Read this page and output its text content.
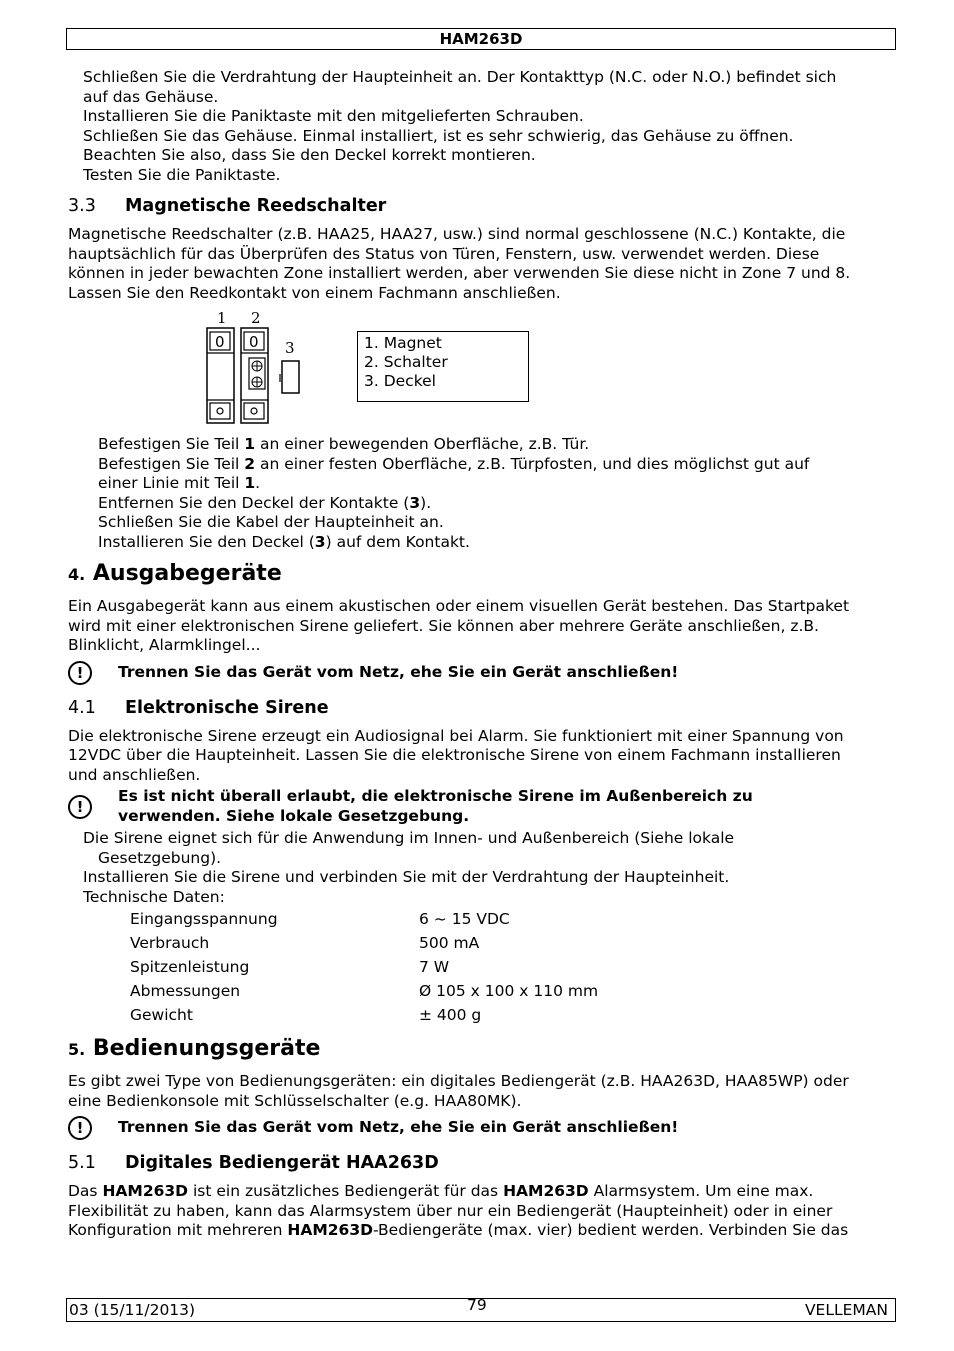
HAM263D

Schließen Sie die Verdrahtung der Haupteinheit an. Der Kontakttyp (N.C. oder N.O.) befindet sich

auf das Gehäuse.

Installieren Sie die Paniktaste mit den mitgelieferten Schrauben.

Schließen Sie das Gehäuse. Einmal installiert, ist es sehr schwierig, das Gehäuse zu öffnen.

Beachten Sie also, dass Sie den Deckel korrekt montieren.

Testen Sie die Paniktaste.

3.3 Magnetische Reedschalter

Magnetische Reedschalter (z.B. HAA25, HAA27, usw.) sind normal geschlossene (N.C.) Kontakte, die

hauptsächlich für das Überprüfen des Status von Türen, Fenstern, usw. verwendet werden. Diese

können in jeder bewachten Zone installiert werden, aber verwenden Sie diese nicht in Zone 7 und 8.

Lassen Sie den Reedkontakt von einem Fachmann anschließen.

1 2
3
0 0	1. Magnet
2. Schalter
3. Deckel

Befestigen Sie Teil 1 an einer bewegenden Oberfläche, z.B. Tür.

Befestigen Sie Teil 2 an einer festen Oberfläche, z.B. Türpfosten, und dies möglichst gut auf

einer Linie mit Teil 1.

Entfernen Sie den Deckel der Kontakte (3).

Schließen Sie die Kabel der Haupteinheit an.

Installieren Sie den Deckel (3) auf dem Kontakt.

4. Ausgabegeräte

Ein Ausgabegerät kann aus einem akustischen oder einem visuellen Gerät bestehen. Das Startpaket

wird mit einer elektronischen Sirene geliefert. Sie können aber mehrere Geräte anschließen, z.B.

Blinklicht, Alarmklingel...

!	Trennen Sie das Gerät vom Netz, ehe Sie ein Gerät anschließen!
4.1 Elektronische Sirene

Die elektronische Sirene erzeugt ein Audiosignal bei Alarm. Sie funktioniert mit einer Spannung von

12VDC über die Haupteinheit. Lassen Sie die elektronische Sirene von einem Fachmann installieren

und anschließen.

!
Es ist nicht überall erlaubt, die elektronische Sirene im Außenbereich zu
verwenden. Siehe lokale Gesetzgebung.

Die Sirene eignet sich für die Anwendung im Innen- und Außenbereich (Siehe lokale
Gesetzgebung).

Installieren Sie die Sirene und verbinden Sie mit der Verdrahtung der Haupteinheit.

Technische Daten:

Eingangsspannung	6 ~ 15 VDC
Verbrauch	500 mA
Spitzenleistung	7 W
Abmessungen	Ø 105 x 100 x 110 mm
Gewicht	± 400 g
5. Bedienungsgeräte

Es gibt zwei Type von Bedienungsgeräten: ein digitales Bediengerät (z.B. HAA263D, HAA85WP) oder

eine Bedienkonsole mit Schlüsselschalter (e.g. HAA80MK).

!	Trennen Sie das Gerät vom Netz, ehe Sie ein Gerät anschließen!
5.1 Digitales Bediengerät HAA263D

Das HAM263D ist ein zusätzliches Bediengerät für das HAM263D Alarmsystem. Um eine max.

Flexibilität zu haben, kann das Alarmsystem über nur ein Bediengerät (Haupteinheit) oder in einer

Konfiguration mit mehreren HAM263D-Bediengeräte (max. vier) bedient werden. Verbinden Sie das

03 (15/11/2013)	79	VELLEMAN
